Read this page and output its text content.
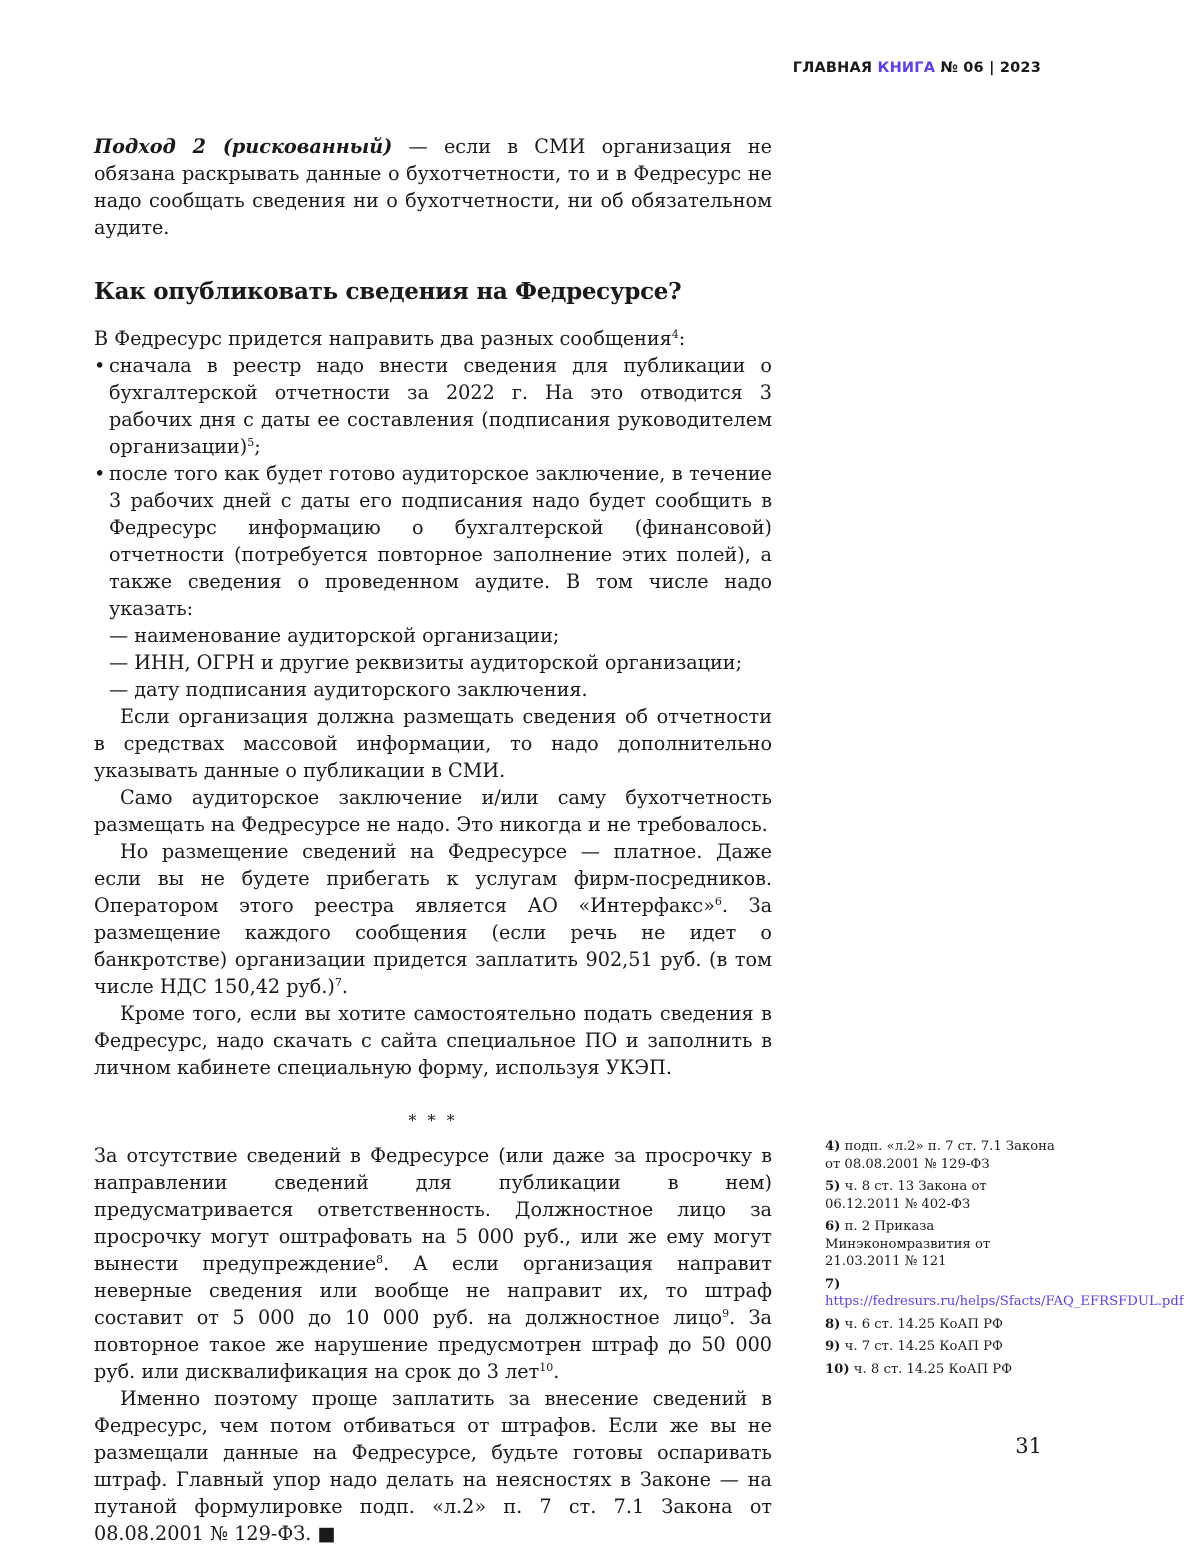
ГЛАВНАЯ КНИГА № 06 | 2023

Подход 2 (рискованный) — если в СМИ организация не обязана раскрывать данные о бухотчетности, то и в Федресурс не надо сообщать сведения ни о бухотчетности, ни об обязательном аудите.

Как опубликовать сведения на Федресурсе?

В Федресурс придется направить два разных сообщения$^4$:

• сначала в реестр надо внести сведения для публикации о бухгалтерской отчетности за 2022 г. На это отводится 3 рабочих дня с даты ее составления (подписания руководителем организации)$^5$;
• после того как будет готово аудиторское заключение, в течение 3 рабочих дней с даты его подписания надо будет сообщить в Федресурс информацию о бухгалтерской (финансовой) отчетности (потребуется повторное заполнение этих полей), а также сведения о проведенном аудите. В том числе надо указать:
— наименование аудиторской организации;
— ИНН, ОГРН и другие реквизиты аудиторской организации;
— дату подписания аудиторского заключения.

Если организация должна размещать сведения об отчетности в средствах массовой информации, то надо дополнительно указывать данные о публикации в СМИ.

Само аудиторское заключение и/или саму бухотчетность размещать на Федресурсе не надо. Это никогда и не требовалось.

Но размещение сведений на Федресурсе — платное. Даже если вы не будете прибегать к услугам фирм-посредников. Оператором этого реестра является АО «Интерфакс»$^6$. За размещение каждого сообщения (если речь не идет о банкротстве) организации придется заплатить 902,51 руб. (в том числе НДС 150,42 руб.)$^7$.

Кроме того, если вы хотите самостоятельно подать сведения в Федресурс, надо скачать с сайта специальное ПО и заполнить в личном кабинете специальную форму, используя УКЭП.

* * *

За отсутствие сведений в Федресурсе (или даже за просрочку в направлении сведений для публикации в нем) предусматривается ответственность. Должностное лицо за просрочку могут оштрафовать на 5 000 руб., или же ему могут вынести предупреждение$^8$. А если организация направит неверные сведения или вообще не направит их, то штраф составит от 5 000 до 10 000 руб. на должностное лицо$^9$. За повторное такое же нарушение предусмотрен штраф до 50 000 руб. или дисквалификация на срок до 3 лет$^{10}$.

Именно поэтому проще заплатить за внесение сведений в Федресурс, чем потом отбиваться от штрафов. Если же вы не размещали данные на Федресурсе, будьте готовы оспаривать штраф. Главный упор надо делать на неясностях в Законе — на путаной формулировке подп. «л.2» п. 7 ст. 7.1 Закона от 08.08.2001 № 129-ФЗ. ■

4) подп. «л.2» п. 7 ст. 7.1 Закона от 08.08.2001 № 129-ФЗ
5) ч. 8 ст. 13 Закона от 06.12.2011 № 402-ФЗ
6) п. 2 Приказа Минэкономразвития от 21.03.2011 № 121
7) https://fedresurs.ru/helps/Sfacts/FAQ_EFRSFDUL.pdf
8) ч. 6 ст. 14.25 КоАП РФ
9) ч. 7 ст. 14.25 КоАП РФ
10) ч. 8 ст. 14.25 КоАП РФ
31
